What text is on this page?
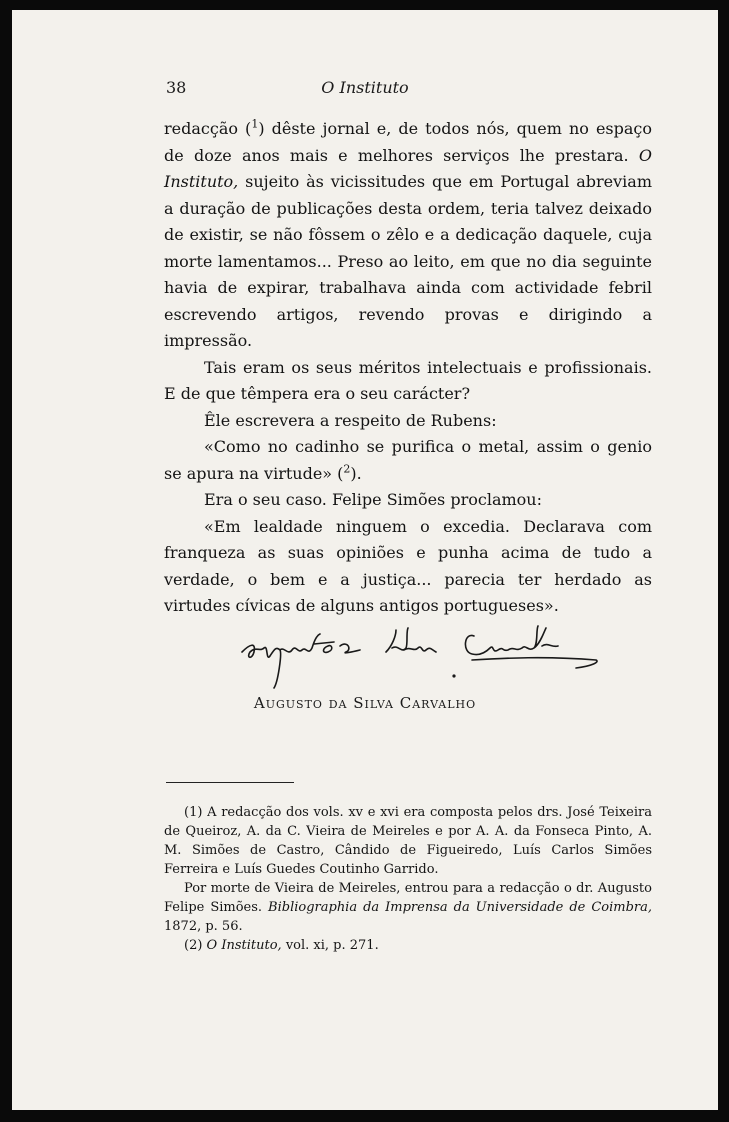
38	O Instituto

redacção ($^1$) dêste jornal e, de todos nós, quem no espaço de doze anos mais e melhores serviços lhe prestara. O Instituto, sujeito às vicissitudes que em Portugal abreviam a duração de publicações desta ordem, teria talvez deixado de existir, se não fôssem o zêlo e a dedicação daquele, cuja morte lamentamos... Preso ao leito, em que no dia seguinte havia de expirar, trabalhava ainda com actividade febril escrevendo artigos, revendo provas e dirigindo a impressão.

Tais eram os seus méritos intelectuais e profissionais. E de que têmpera era o seu carácter?

Êle escrevera a respeito de Rubens:

«Como no cadinho se purifica o metal, assim o genio se apura na virtude» ($^2$).

Era o seu caso. Felipe Simões proclamou:

«Em lealdade ninguem o excedia. Declarava com franqueza as suas opiniões e punha acima de tudo a verdade, o bem e a justiça... parecia ter herdado as virtudes cívicas de alguns antigos portugueses».

Augusto da Silva Carvalho

(1) A redacção dos vols. xv e xvi era composta pelos drs. José Teixeira de Queiroz, A. da C. Vieira de Meireles e por A. A. da Fonseca Pinto, A. M. Simões de Castro, Cândido de Figueiredo, Luís Carlos Simões Ferreira e Luís Guedes Coutinho Garrido.

Por morte de Vieira de Meireles, entrou para a redacção o dr. Augusto Felipe Simões. Bibliographia da Imprensa da Universidade de Coimbra, 1872, p. 56.

(2) O Instituto, vol. xi, p. 271.
